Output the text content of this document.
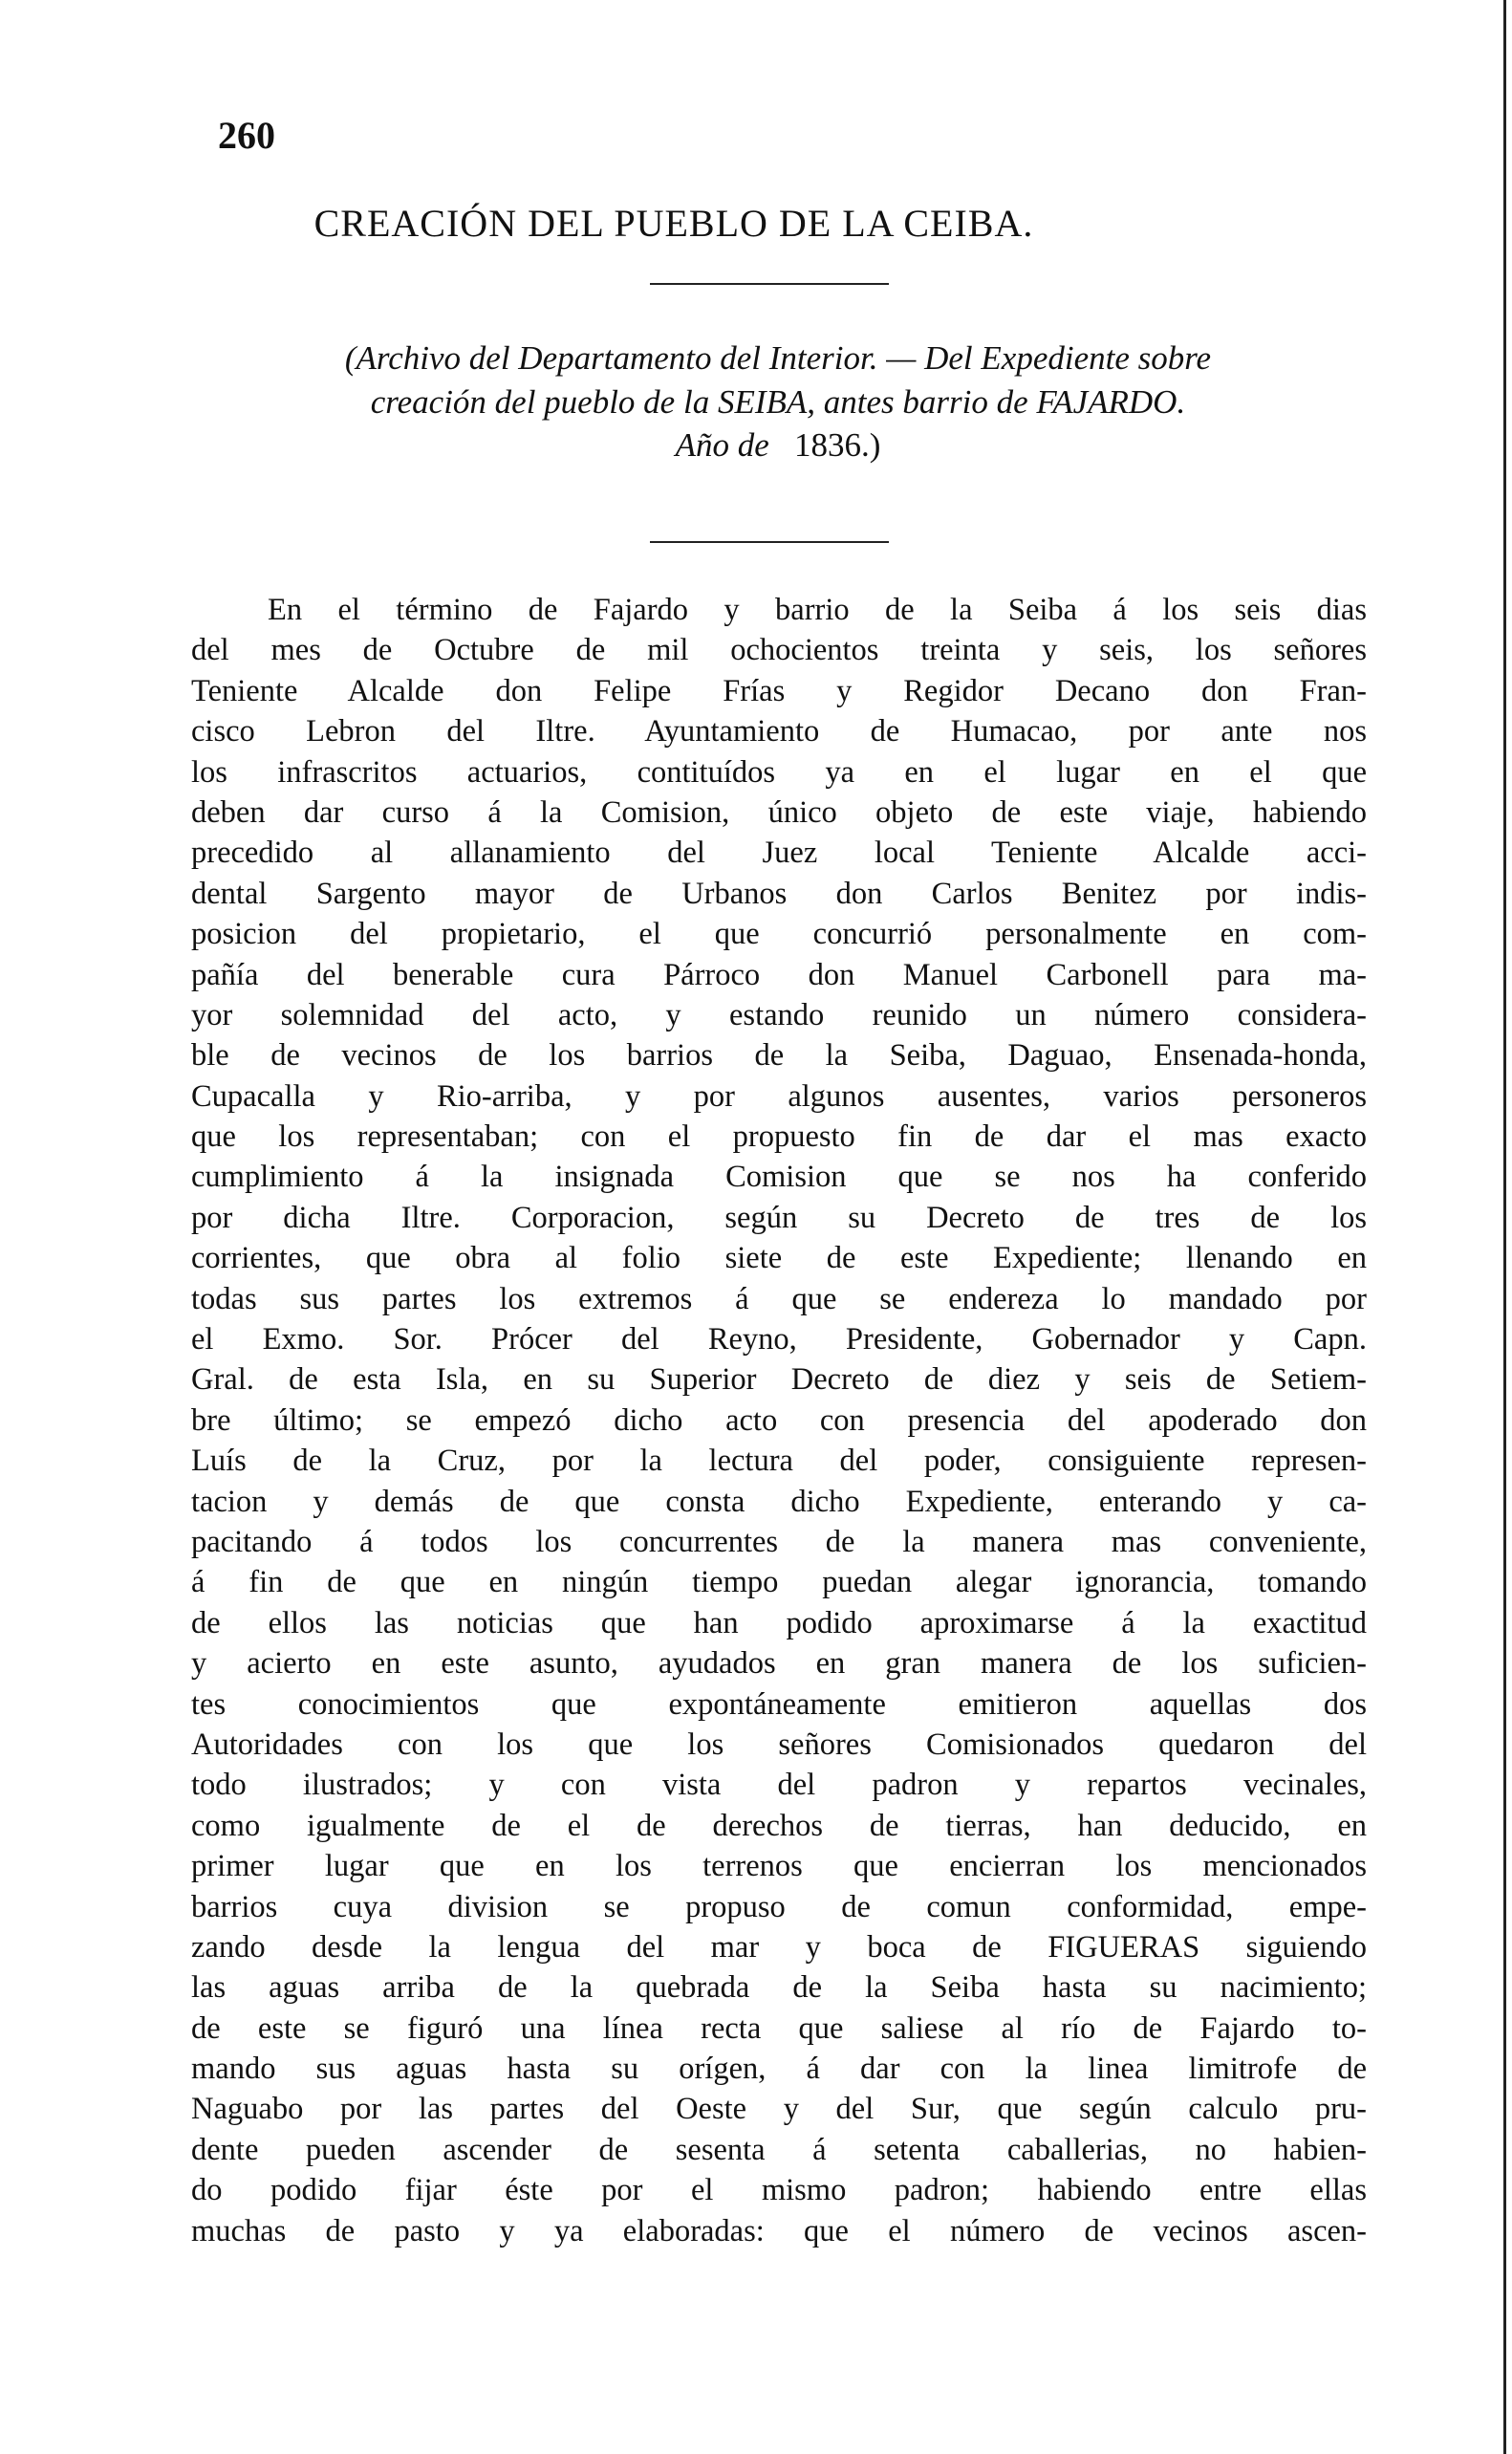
260
CREACIÓN DEL PUEBLO DE LA CEIBA.
(Archivo del Departamento del Interior. — Del Expediente sobre
creación del pueblo de la SEIBA, antes barrio de FAJARDO.
Año de 1836.)
En el término de Fajardo y barrio de la Seiba á los seis dias
del mes de Octubre de mil ochocientos treinta y seis, los señores
Teniente Alcalde don Felipe Frías y Regidor Decano don Fran-
cisco Lebron del Iltre. Ayuntamiento de Humacao, por ante nos
los infrascritos actuarios, contituídos ya en el lugar en el que
deben dar curso á la Comision, único objeto de este viaje, habiendo
precedido al allanamiento del Juez local Teniente Alcalde acci-
dental Sargento mayor de Urbanos don Carlos Benitez por indis-
posicion del propietario, el que concurrió personalmente en com-
pañía del benerable cura Párroco don Manuel Carbonell para ma-
yor solemnidad del acto, y estando reunido un número considera-
ble de vecinos de los barrios de la Seiba, Daguao, Ensenada-honda,
Cupacalla y Rio-arriba, y por algunos ausentes, varios personeros
que los representaban; con el propuesto fin de dar el mas exacto
cumplimiento á la insignada Comision que se nos ha conferido
por dicha Iltre. Corporacion, según su Decreto de tres de los
corrientes, que obra al folio siete de este Expediente; llenando en
todas sus partes los extremos á que se endereza lo mandado por
el Exmo. Sor. Prócer del Reyno, Presidente, Gobernador y Capn.
Gral. de esta Isla, en su Superior Decreto de diez y seis de Setiem-
bre último; se empezó dicho acto con presencia del apoderado don
Luís de la Cruz, por la lectura del poder, consiguiente represen-
tacion y demás de que consta dicho Expediente, enterando y ca-
pacitando á todos los concurrentes de la manera mas conveniente,
á fin de que en ningún tiempo puedan alegar ignorancia, tomando
de ellos las noticias que han podido aproximarse á la exactitud
y acierto en este asunto, ayudados en gran manera de los suficien-
tes conocimientos que expontáneamente emitieron aquellas dos
Autoridades con los que los señores Comisionados quedaron del
todo ilustrados; y con vista del padron y repartos vecinales,
como igualmente de el de derechos de tierras, han deducido, en
primer lugar que en los terrenos que encierran los mencionados
barrios cuya division se propuso de comun conformidad, empe-
zando desde la lengua del mar y boca de FIGUERAS siguiendo
las aguas arriba de la quebrada de la Seiba hasta su nacimiento;
de este se figuró una línea recta que saliese al río de Fajardo to-
mando sus aguas hasta su orígen, á dar con la linea limitrofe de
Naguabo por las partes del Oeste y del Sur, que según calculo pru-
dente pueden ascender de sesenta á setenta caballerias, no habien-
do podido fijar éste por el mismo padron; habiendo entre ellas
muchas de pasto y ya elaboradas: que el número de vecinos ascen-
